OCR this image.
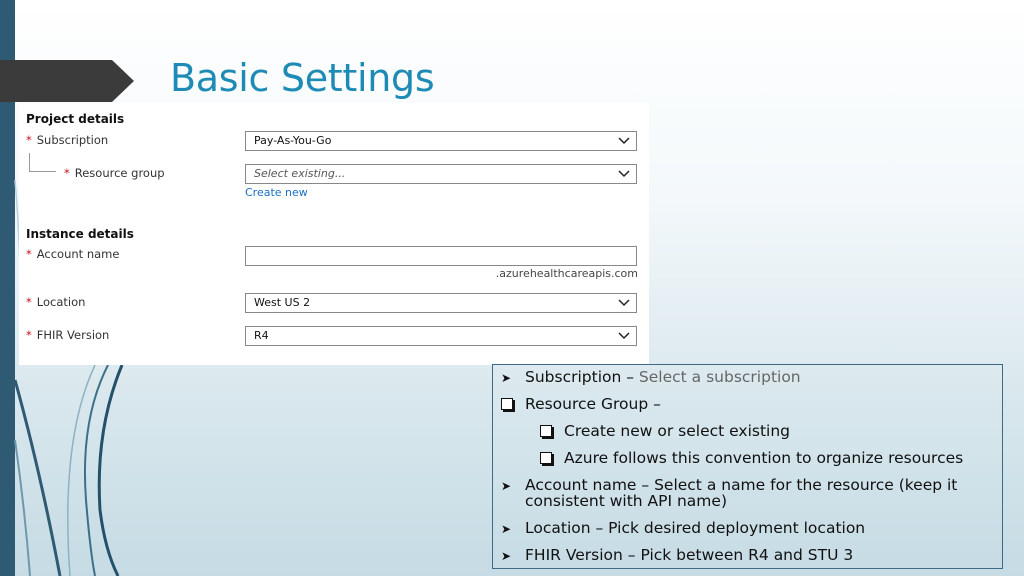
Basic Settings
Project details
* Subscription	Pay-As-You-Go
* Resource group	Select existing...
Create new
Instance details
* Account name
.azurehealthcareapis.com
* Location	West US 2
* FHIR Version	R4
➤ Subscription – Select a subscription
Resource Group –
Create new or select existing
Azure follows this convention to organize resources
➤ Account name – Select a name for the resource (keep it
consistent with API name)
➤ Location – Pick desired deployment location
➤ FHIR Version – Pick between R4 and STU 3
